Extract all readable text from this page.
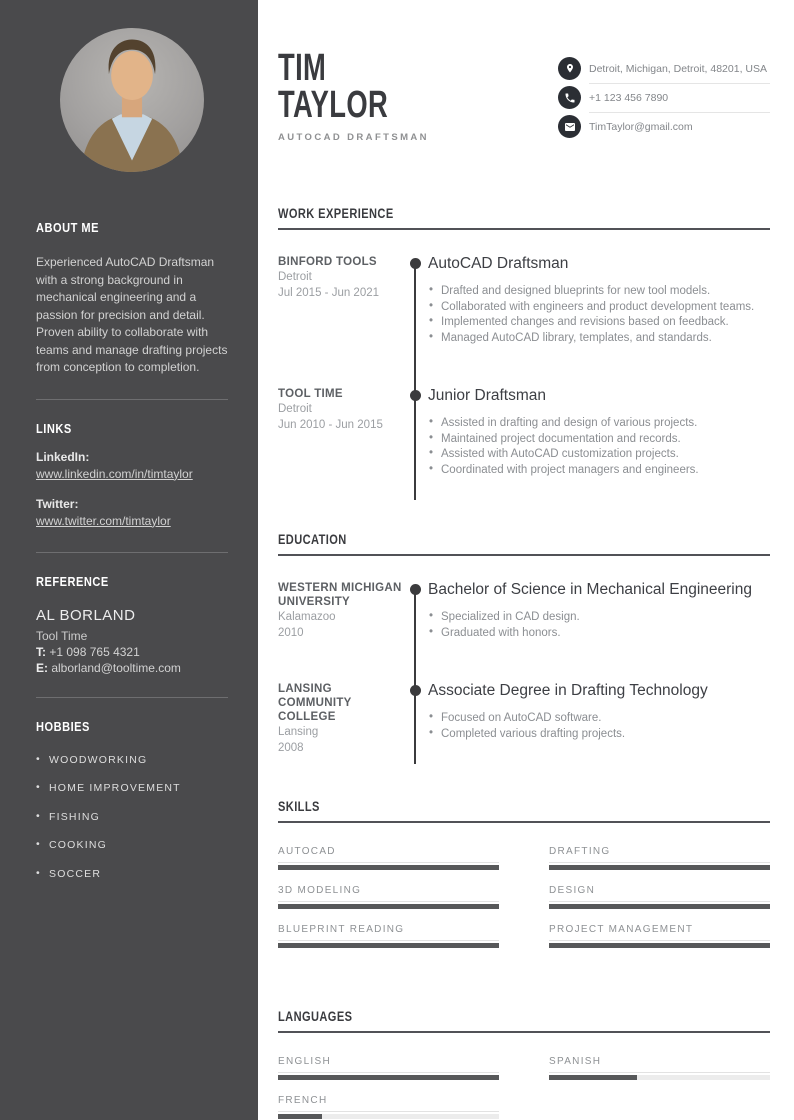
ABOUT ME

Experienced AutoCAD Draftsman with a strong background in mechanical engineering and a passion for precision and detail. Proven ability to collaborate with teams and manage drafting projects from conception to completion.

LINKS
LinkedIn:
www.linkedin.com/in/timtaylor
Twitter:
www.twitter.com/timtaylor
REFERENCE
AL BORLAND
Tool Time
T: +1 098 765 4321
E: alborland@tooltime.com
HOBBIES
• WOODWORKING
• HOME IMPROVEMENT
• FISHING
• COOKING
• SOCCER
TIM
TAYLOR
AUTOCAD DRAFTSMAN
Detroit, Michigan, Detroit, 48201, USA
+1 123 456 7890
TimTaylor@gmail.com
WORK EXPERIENCE
BINFORD TOOLS
Detroit
Jul 2015 - Jun 2021
AutoCAD Draftsman
• Drafted and designed blueprints for new tool models.
• Collaborated with engineers and product development teams.
• Implemented changes and revisions based on feedback.
• Managed AutoCAD library, templates, and standards.
TOOL TIME
Detroit
Jun 2010 - Jun 2015
Junior Draftsman
• Assisted in drafting and design of various projects.
• Maintained project documentation and records.
• Assisted with AutoCAD customization projects.
• Coordinated with project managers and engineers.
EDUCATION
WESTERN MICHIGAN UNIVERSITY
Kalamazoo
2010
Bachelor of Science in Mechanical Engineering
• Specialized in CAD design.
• Graduated with honors.
LANSING COMMUNITY COLLEGE
Lansing
2008
Associate Degree in Drafting Technology
• Focused on AutoCAD software.
• Completed various drafting projects.
SKILLS
AUTOCAD	DRAFTING
3D MODELING	DESIGN
BLUEPRINT READING	PROJECT MANAGEMENT
LANGUAGES
ENGLISH	SPANISH
FRENCH
